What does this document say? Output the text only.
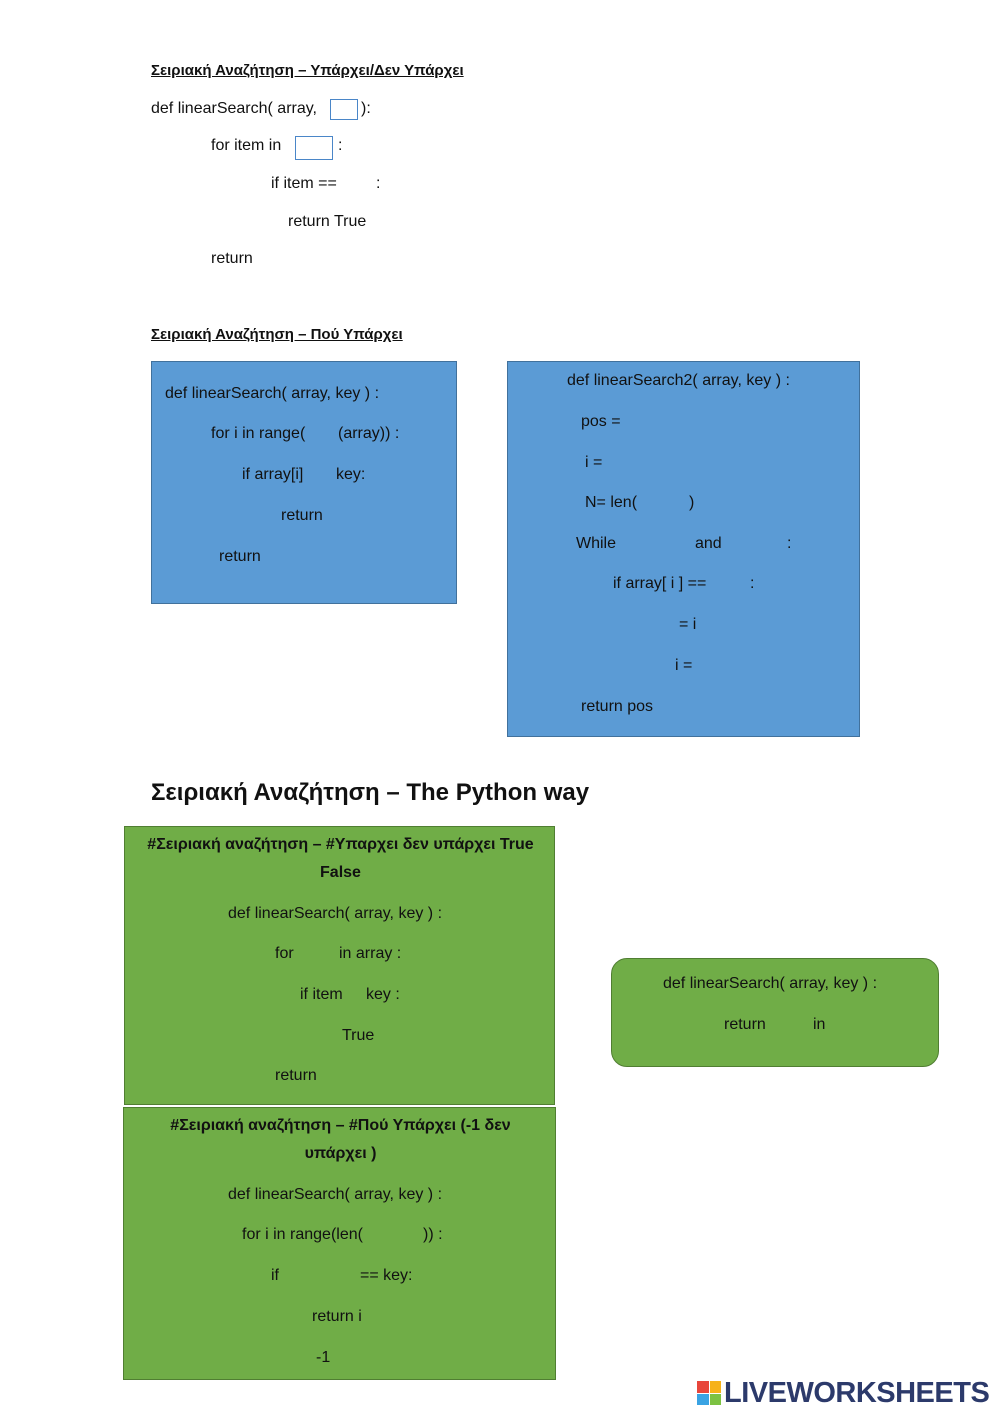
Σειριακή Αναζήτηση – Υπάρχει/Δεν Υπάρχει
def linearSearch( array,	):
for item in	:
if item == :
return True
return
Σειριακή Αναζήτηση – Πού Υπάρχει
def linearSearch( array, key ) :
for i in range( (array)) :
if array[i] key:
return
return
def linearSearch2( array, key ) :
pos =
i =
N= len(	)
While	and	:
if array[ i ] ==	:
= i
i =
return pos
Σειριακή Αναζήτηση – The Python way
#Σειριακή αναζήτηση – #Υπαρχει δεν υπάρχει True
False
def linearSearch( array, key ) :
for	in array :
if item key :
True
return
#Σειριακή αναζήτηση – #Πού Υπάρχει (-1 δεν
υπάρχει )
def linearSearch( array, key ) :
for i in range(len(	)) :
if	== key:
return i
-1
def linearSearch( array, key ) :
return	in
LIVEWORKSHEETS
